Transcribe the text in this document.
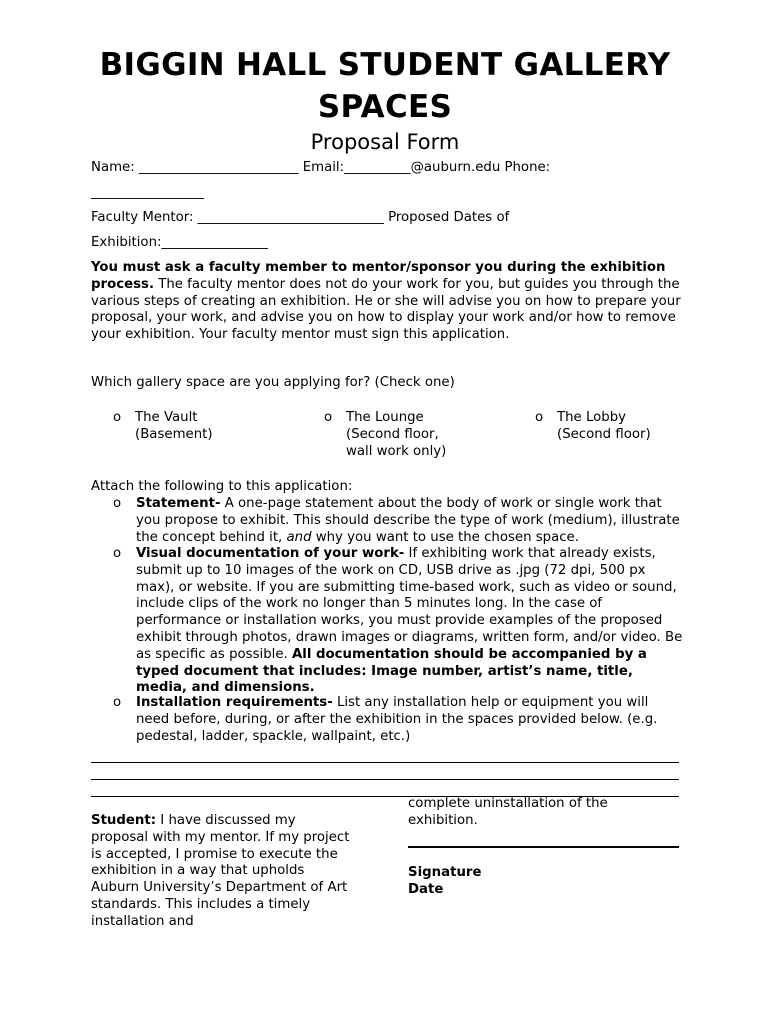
BIGGIN HALL STUDENT GALLERY SPACES
Proposal Form
Name: ________________________ Email:__________@auburn.edu Phone:
_________________
Faculty Mentor: ____________________________ Proposed Dates of
Exhibition:________________
You must ask a faculty member to mentor/sponsor you during the exhibition process. The faculty mentor does not do your work for you, but guides you through the various steps of creating an exhibition. He or she will advise you on how to prepare your proposal, your work, and advise you on how to display your work and/or how to remove your exhibition. Your faculty mentor must sign this application.
Which gallery space are you applying for? (Check one)
o The Vault
(Basement)
o The Lounge
(Second floor,
wall work only)
o The Lobby
(Second floor)
Attach the following to this application:
o Statement- A one-page statement about the body of work or single work that you propose to exhibit. This should describe the type of work (medium), illustrate the concept behind it, and why you want to use the chosen space.
o Visual documentation of your work- If exhibiting work that already exists, submit up to 10 images of the work on CD, USB drive as .jpg (72 dpi, 500 px max), or website. If you are submitting time-based work, such as video or sound, include clips of the work no longer than 5 minutes long. In the case of performance or installation works, you must provide examples of the proposed exhibit through photos, drawn images or diagrams, written form, and/or video. Be as specific as possible. All documentation should be accompanied by a typed document that includes: Image number, artist’s name, title, media, and dimensions.
o Installation requirements- List any installation help or equipment you will need before, during, or after the exhibition in the spaces provided below. (e.g. pedestal, ladder, spackle, wallpaint, etc.)
Student: I have discussed my proposal with my mentor. If my project is accepted, I promise to execute the exhibition in a way that upholds Auburn University’s Department of Art standards. This includes a timely installation and
complete uninstallation of the exhibition.
Signature
Date
